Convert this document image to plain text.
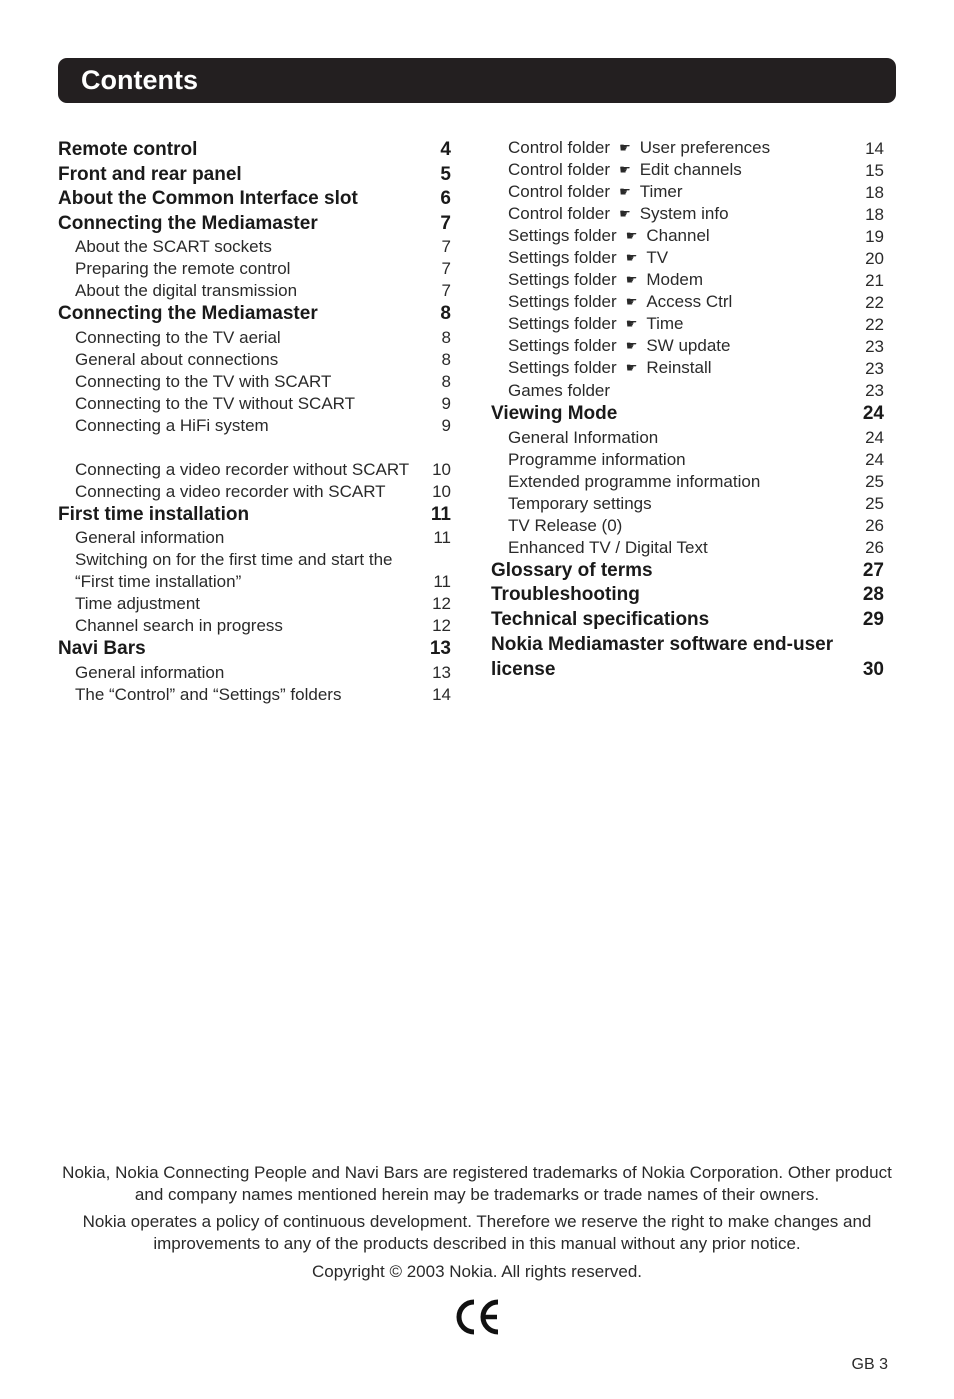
Contents
Remote control	4
Front and rear panel	5
About the Common Interface slot	6
Connecting the Mediamaster	7
About the SCART sockets	7
Preparing the remote control	7
About the digital transmission	7
Connecting the Mediamaster	8
Connecting to the TV aerial	8
General about connections	8
Connecting to the TV with SCART	8
Connecting to the TV without SCART	9
Connecting a HiFi system	9
Connecting a video recorder without SCART	10
Connecting a video recorder with SCART	10
First time installation	11
General information	11
Switching on for the first time and start the “First time installation”	11
Time adjustment	12
Channel search in progress	12
Navi Bars	13
General information	13
The “Control” and “Settings” folders	14
Control folder ☛ User preferences	14
Control folder ☛ Edit channels	15
Control folder ☛ Timer	18
Control folder ☛ System info	18
Settings folder ☛ Channel	19
Settings folder ☛ TV	20
Settings folder ☛ Modem	21
Settings folder ☛ Access Ctrl	22
Settings folder ☛ Time	22
Settings folder ☛ SW update	23
Settings folder ☛ Reinstall	23
Games folder	23
Viewing Mode	24
General Information	24
Programme information	24
Extended programme information	25
Temporary settings	25
TV Release (0)	26
Enhanced TV / Digital Text	26
Glossary of terms	27
Troubleshooting	28
Technical specifications	29
Nokia Mediamaster software end-user license	30
Nokia, Nokia Connecting People and Navi Bars are registered trademarks of Nokia Corporation. Other product and company names mentioned herein may be trademarks or trade names of their owners.
Nokia operates a policy of continuous development. Therefore we reserve the right to make changes and improvements to any of the products described in this manual without any prior notice.
Copyright © 2003 Nokia. All rights reserved.
GB 3
